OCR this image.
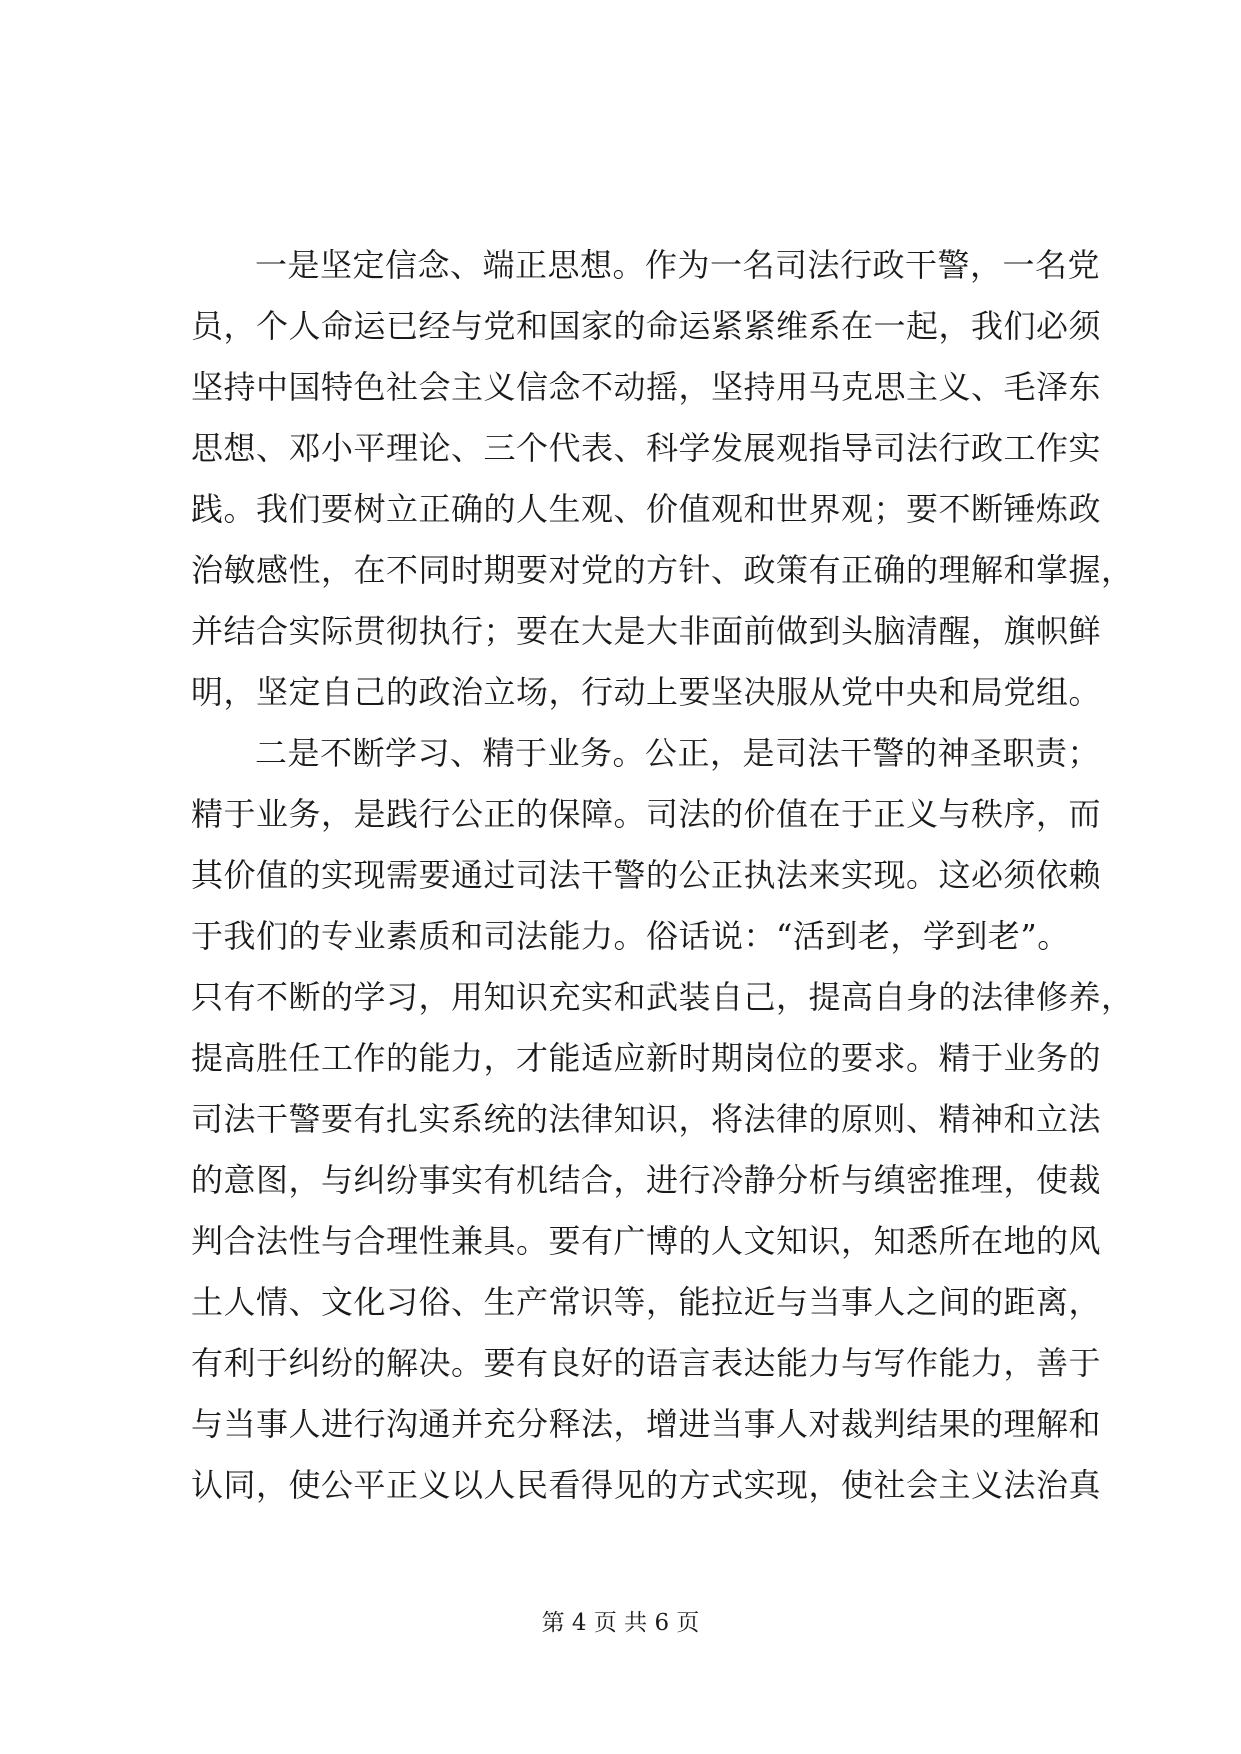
一是坚定信念、端正思想。作为一名司法行政干警，一名党
员，个人命运已经与党和国家的命运紧紧维系在一起，我们必须
坚持中国特色社会主义信念不动摇，坚持用马克思主义、毛泽东
思想、邓小平理论、三个代表、科学发展观指导司法行政工作实
践。我们要树立正确的人生观、价值观和世界观；要不断锤炼政
治敏感性，在不同时期要对党的方针、政策有正确的理解和掌握，
并结合实际贯彻执行；要在大是大非面前做到头脑清醒，旗帜鲜
明，坚定自己的政治立场，行动上要坚决服从党中央和局党组。
二是不断学习、精于业务。公正，是司法干警的神圣职责；
精于业务，是践行公正的保障。司法的价值在于正义与秩序，而
其价值的实现需要通过司法干警的公正执法来实现。这必须依赖
于我们的专业素质和司法能力。俗话说：“活到老，学到老”。
只有不断的学习，用知识充实和武装自己，提高自身的法律修养，
提高胜任工作的能力，才能适应新时期岗位的要求。精于业务的
司法干警要有扎实系统的法律知识，将法律的原则、精神和立法
的意图，与纠纷事实有机结合，进行冷静分析与缜密推理，使裁
判合法性与合理性兼具。要有广博的人文知识，知悉所在地的风
土人情、文化习俗、生产常识等，能拉近与当事人之间的距离，
有利于纠纷的解决。要有良好的语言表达能力与写作能力，善于
与当事人进行沟通并充分释法，增进当事人对裁判结果的理解和
认同，使公平正义以人民看得见的方式实现，使社会主义法治真
第 4 页 共 6 页
